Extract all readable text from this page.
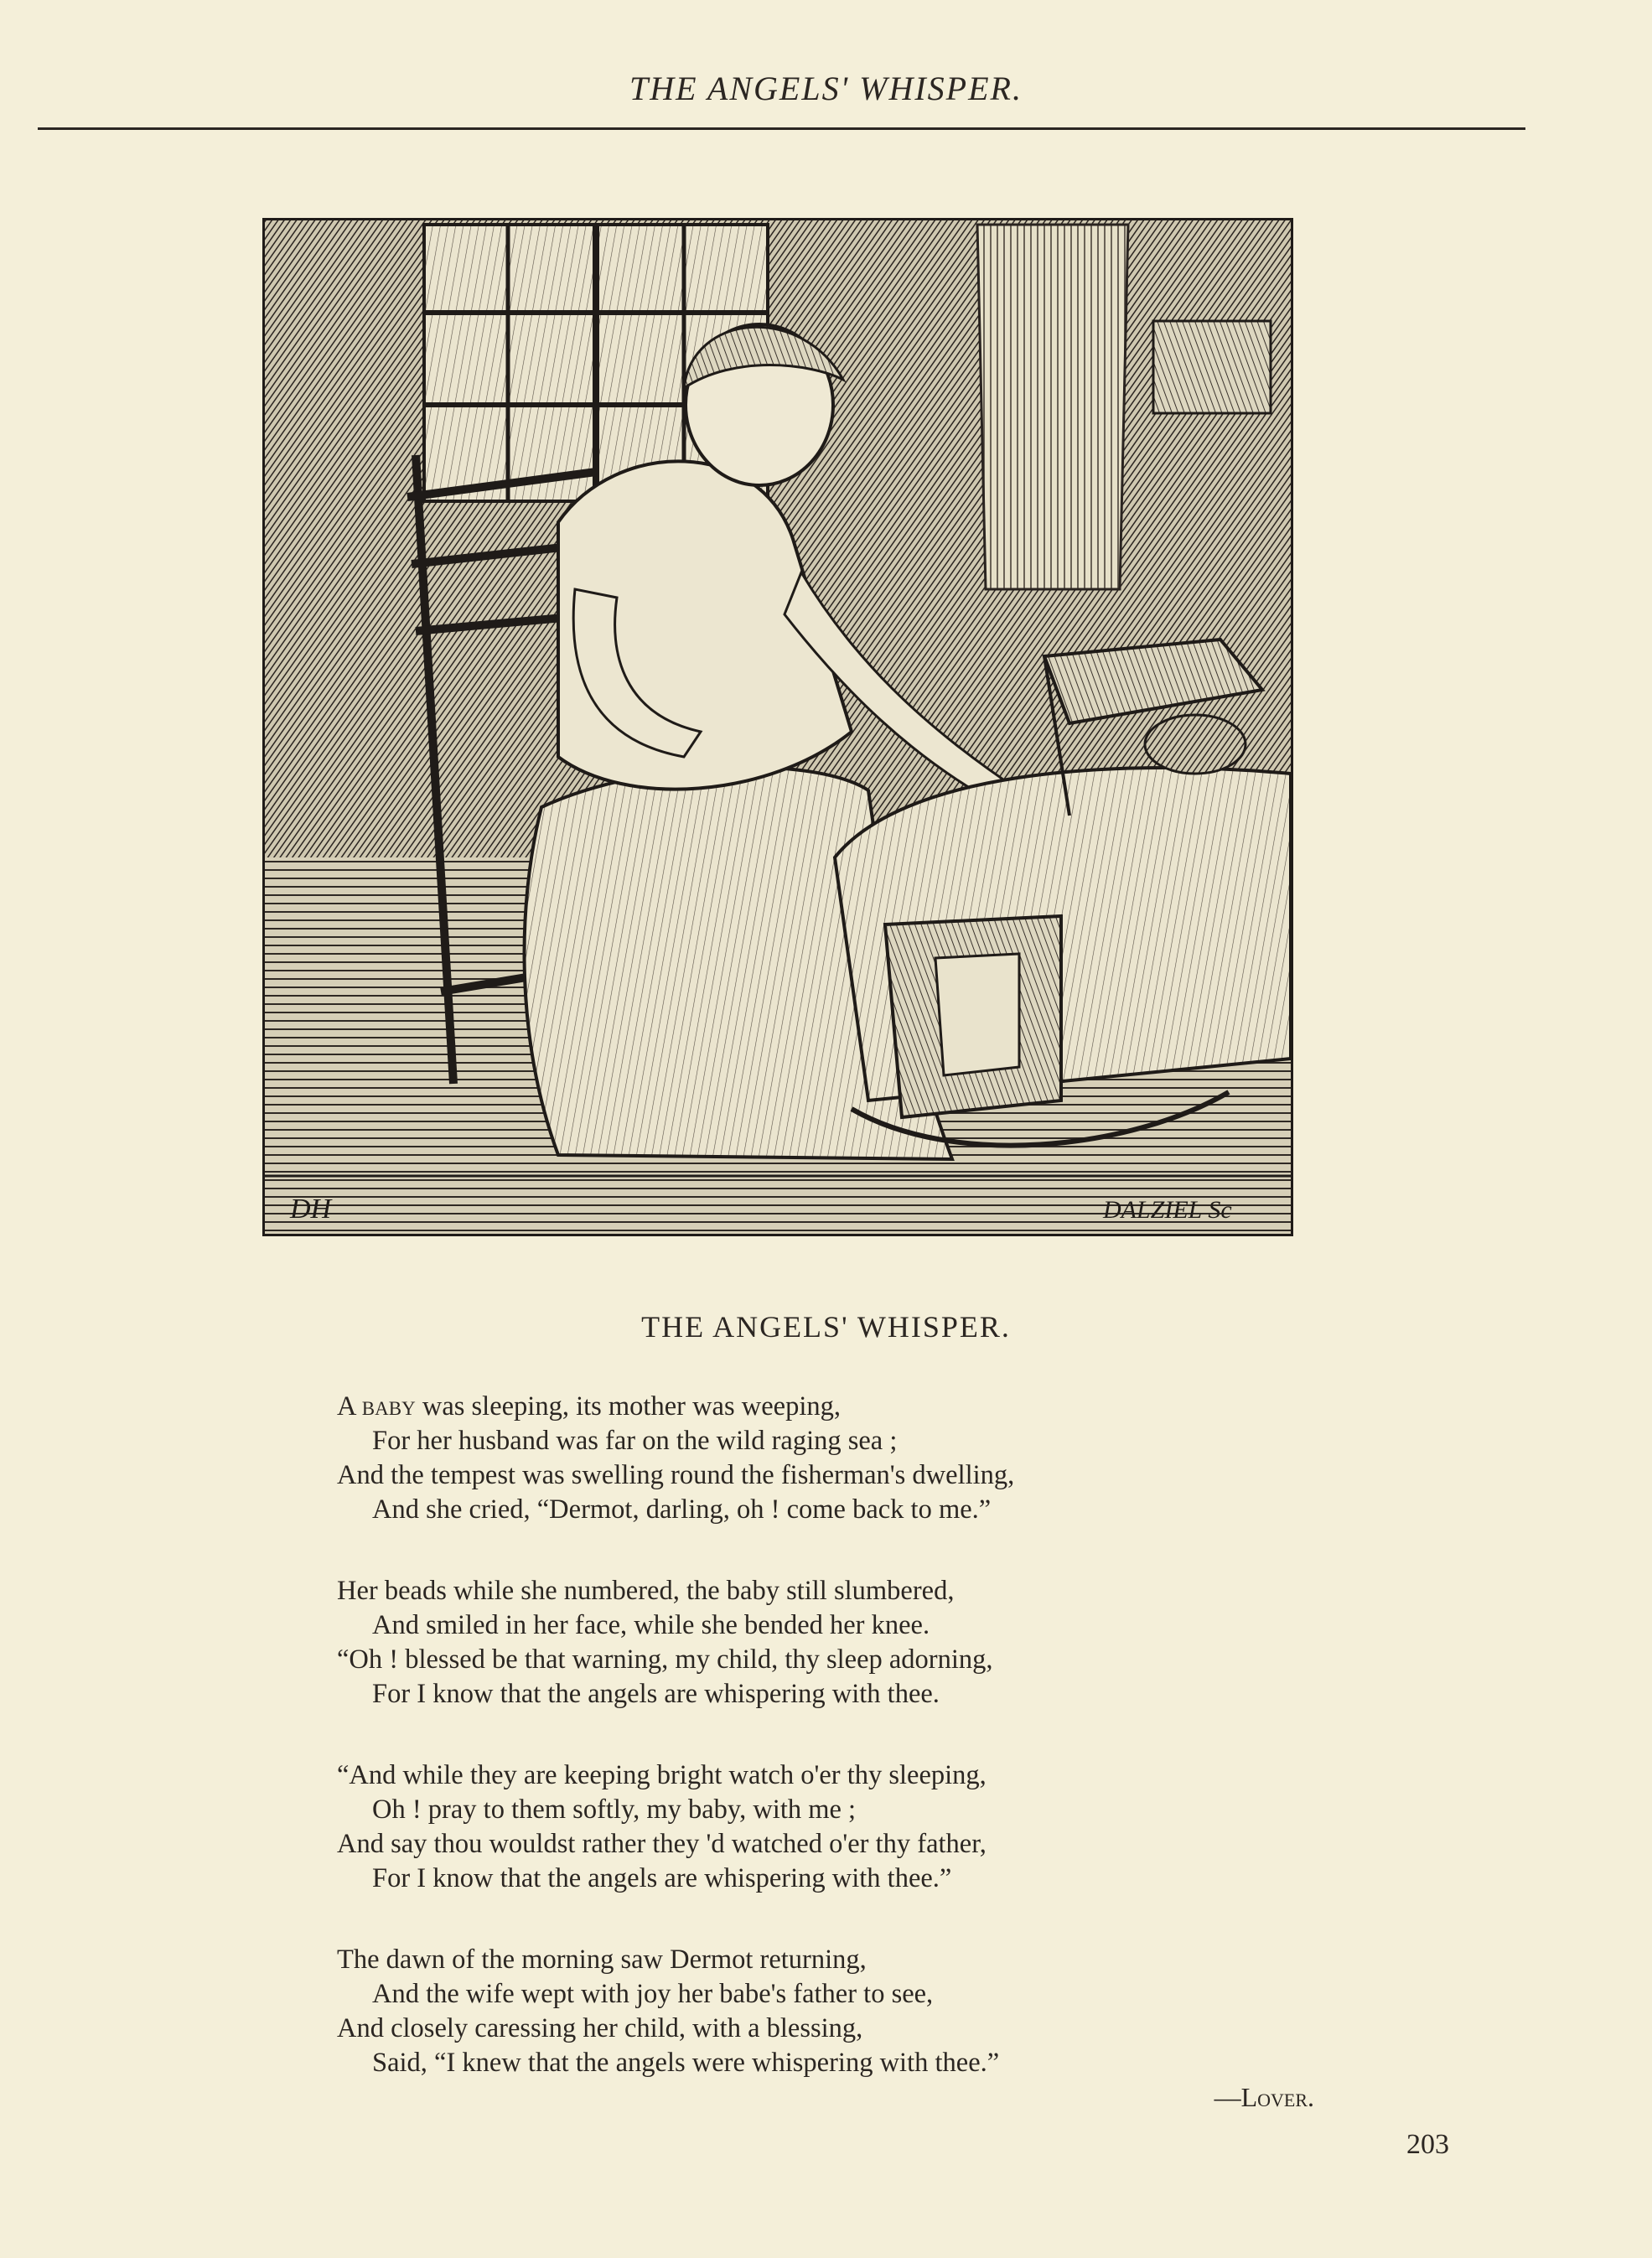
THE ANGELS' WHISPER.
DH	DALZIEL Sc
THE ANGELS' WHISPER.
A baby was sleeping, its mother was weeping,
For her husband was far on the wild raging sea ;
And the tempest was swelling round the fisherman's dwelling,
And she cried, “Dermot, darling, oh ! come back to me.”
Her beads while she numbered, the baby still slumbered,
And smiled in her face, while she bended her knee.
“Oh ! blessed be that warning, my child, thy sleep adorning,
For I know that the angels are whispering with thee.
“And while they are keeping bright watch o'er thy sleeping,
Oh ! pray to them softly, my baby, with me ;
And say thou wouldst rather they 'd watched o'er thy father,
For I know that the angels are whispering with thee.”
The dawn of the morning saw Dermot returning,
And the wife wept with joy her babe's father to see,
And closely caressing her child, with a blessing,
Said, “I knew that the angels were whispering with thee.”
—Lover.
203
